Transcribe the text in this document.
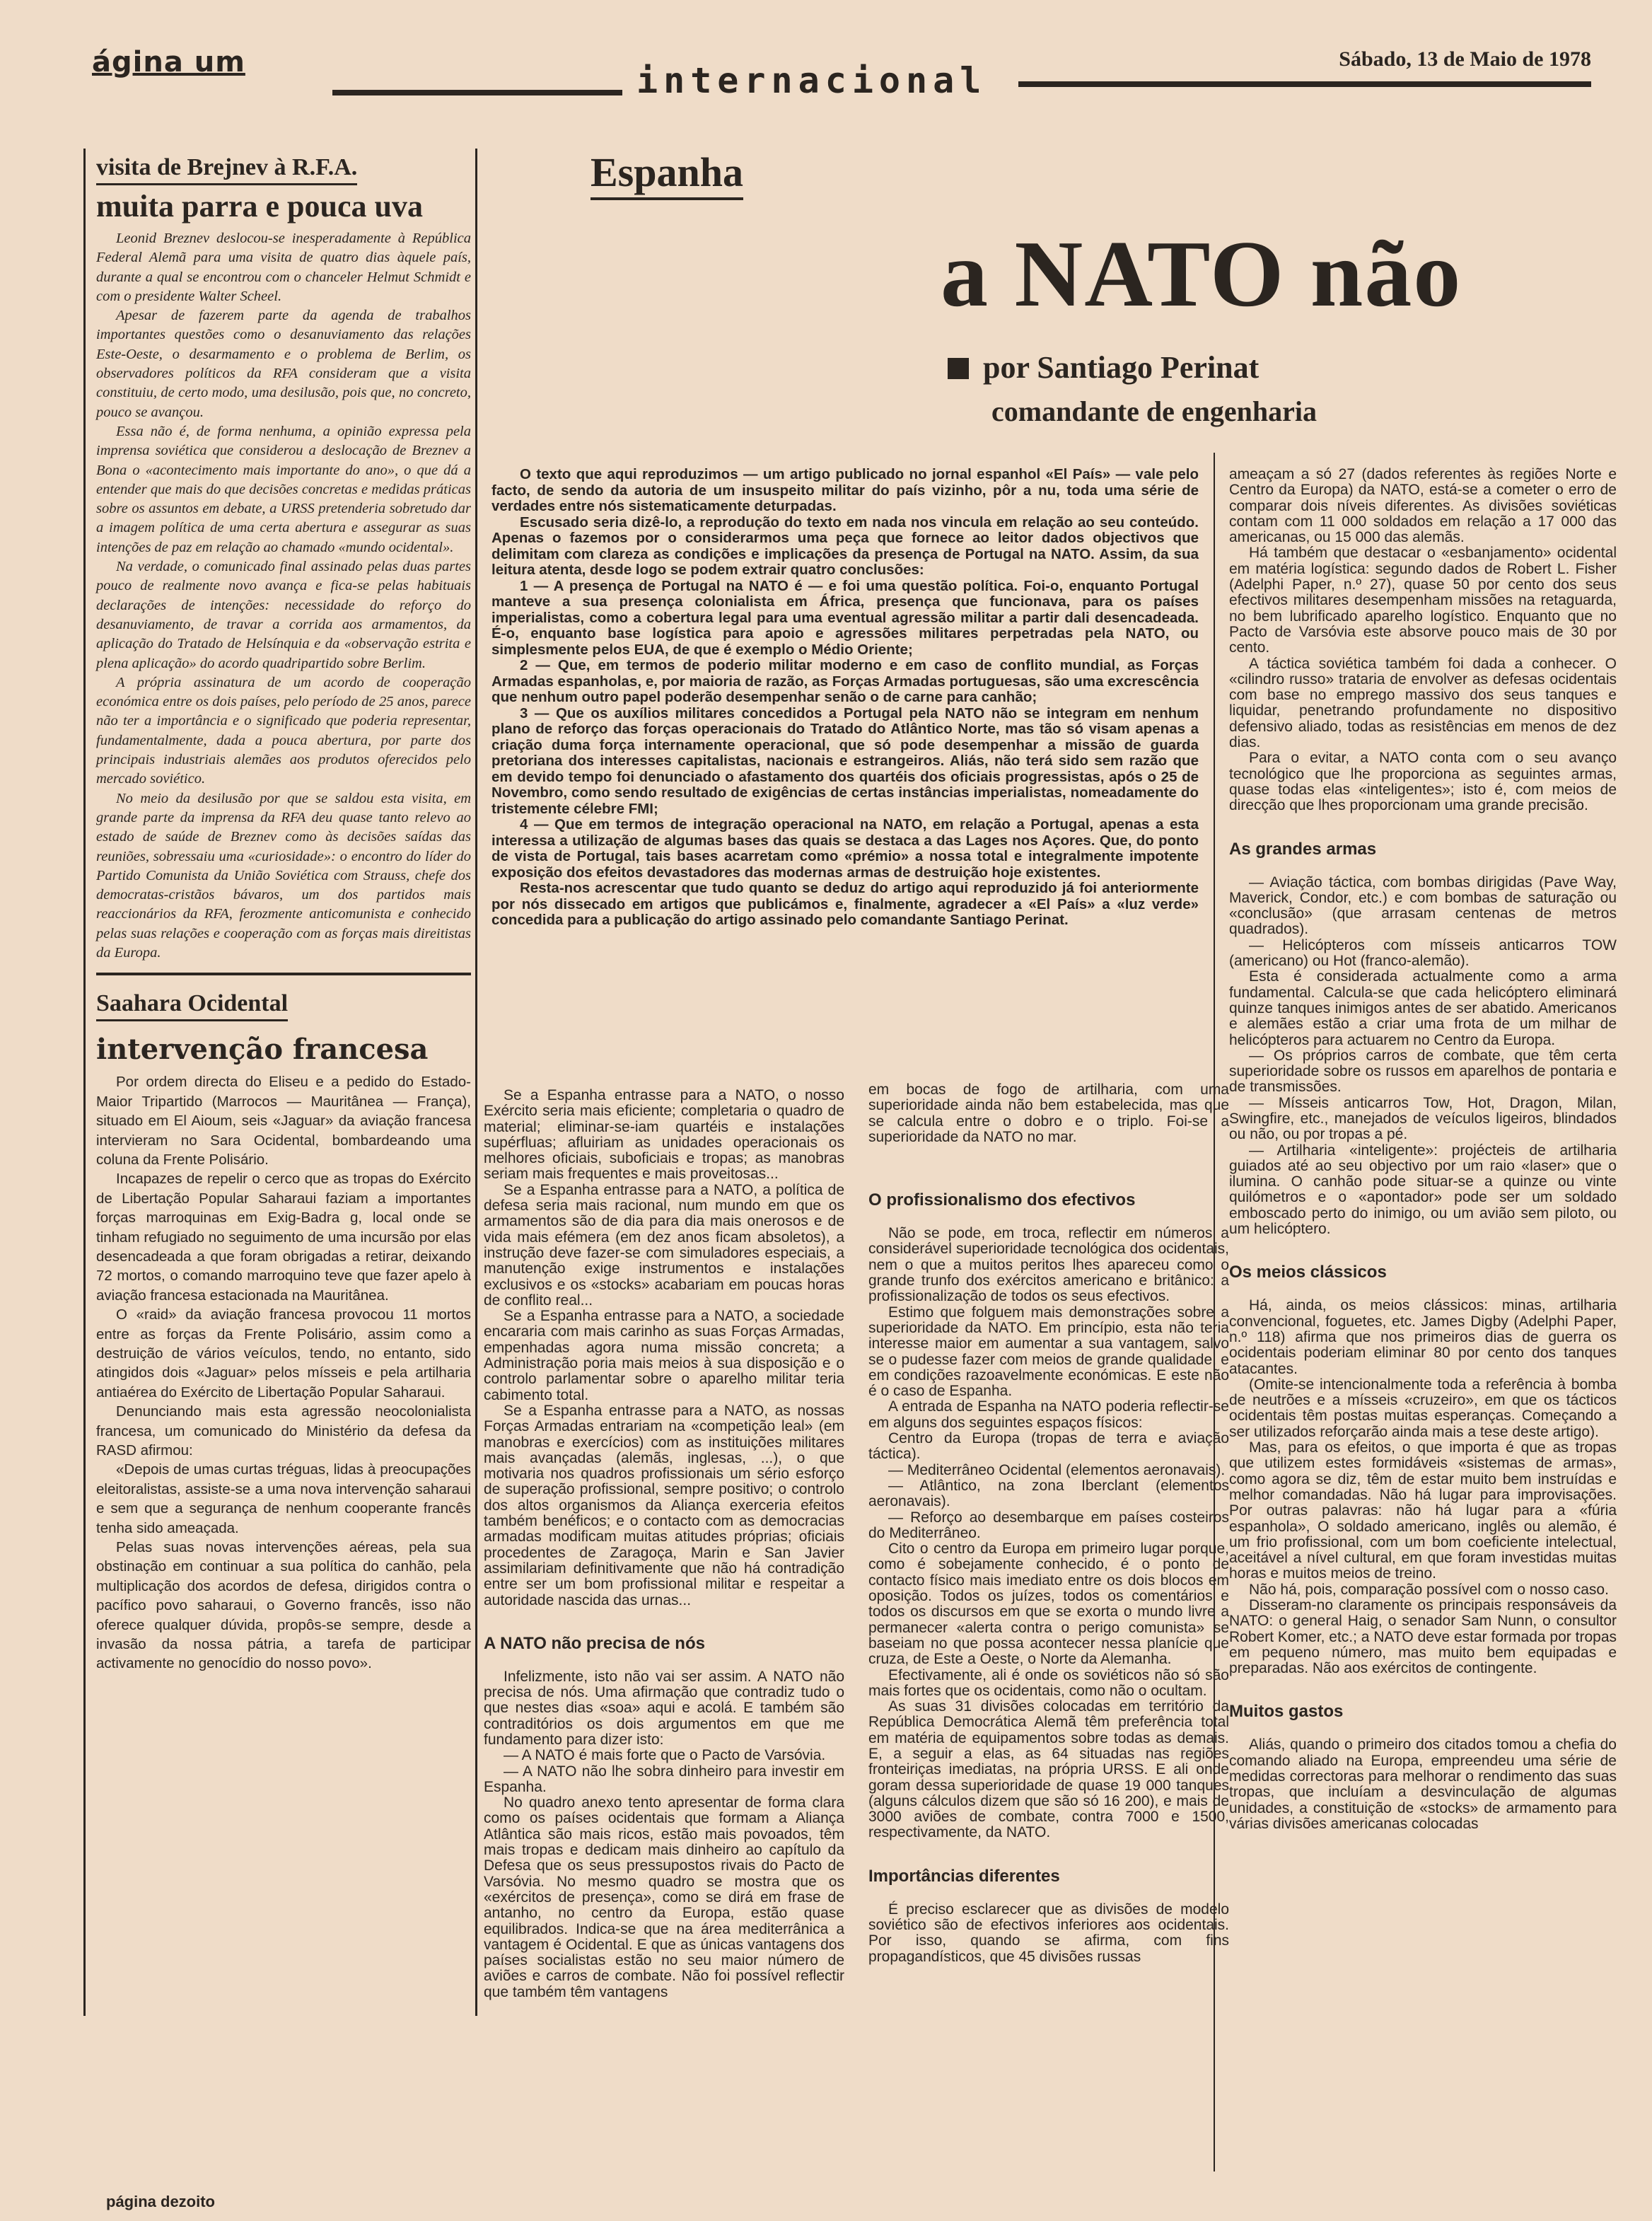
ágina um	internacional
Sábado, 13 de Maio de 1978
visita de Brejnev à R.F.A.
muita parra e pouca uva

Leonid Breznev deslocou-se inesperadamente à República Federal Alemã para uma visita de quatro dias àquele país, durante a qual se encontrou com o chanceler Helmut Schmidt e com o presidente Walter Scheel.

Apesar de fazerem parte da agenda de trabalhos importantes questões como o desanuviamento das relações Este-Oeste, o desarmamento e o problema de Berlim, os observadores políticos da RFA consideram que a visita constituiu, de certo modo, uma desilusão, pois que, no concreto, pouco se avançou.

Essa não é, de forma nenhuma, a opinião expressa pela imprensa soviética que considerou a deslocação de Breznev a Bona o «acontecimento mais importante do ano», o que dá a entender que mais do que decisões concretas e medidas práticas sobre os assuntos em debate, a URSS pretenderia sobretudo dar a imagem política de uma certa abertura e assegurar as suas intenções de paz em relação ao chamado «mundo ocidental».

Na verdade, o comunicado final assinado pelas duas partes pouco de realmente novo avança e fica-se pelas habituais declarações de intenções: necessidade do reforço do desanuviamento, de travar a corrida aos armamentos, da aplicação do Tratado de Helsínquia e da «observação estrita e plena aplicação» do acordo quadripartido sobre Berlim.

A própria assinatura de um acordo de cooperação económica entre os dois países, pelo período de 25 anos, parece não ter a importância e o significado que poderia representar, fundamentalmente, dada a pouca abertura, por parte dos principais industriais alemães aos produtos oferecidos pelo mercado soviético.

No meio da desilusão por que se saldou esta visita, em grande parte da imprensa da RFA deu quase tanto relevo ao estado de saúde de Breznev como às decisões saídas das reuniões, sobressaiu uma «curiosidade»: o encontro do líder do Partido Comunista da União Soviética com Strauss, chefe dos democratas-cristãos bávaros, um dos partidos mais reaccionários da RFA, ferozmente anticomunista e conhecido pelas suas relações e cooperação com as forças mais direitistas da Europa.

Saahara Ocidental
intervenção francesa

Por ordem directa do Eliseu e a pedido do Estado-Maior Tripartido (Marrocos — Mauritânea — França), situado em El Aioum, seis «Jaguar» da aviação francesa intervieram no Sara Ocidental, bombardeando uma coluna da Frente Polisário.

Incapazes de repelir o cerco que as tropas do Exército de Libertação Popular Saharaui faziam a importantes forças marroquinas em Exig-Badra g, local onde se tinham refugiado no seguimento de uma incursão por elas desencadeada a que foram obrigadas a retirar, deixando 72 mortos, o comando marroquino teve que fazer apelo à aviação francesa estacionada na Mauritânea.

O «raid» da aviação francesa provocou 11 mortos entre as forças da Frente Polisário, assim como a destruição de vários veículos, tendo, no entanto, sido atingidos dois «Jaguar» pelos mísseis e pela artilharia antiaérea do Exército de Libertação Popular Saharaui.

Denunciando mais esta agressão neocolonialista francesa, um comunicado do Ministério da defesa da RASD afirmou:

«Depois de umas curtas tréguas, lidas à preocupações eleitoralistas, assiste-se a uma nova intervenção saharaui e sem que a segurança de nenhum cooperante francês tenha sido ameaçada.

Pelas suas novas intervenções aéreas, pela sua obstinação em continuar a sua política do canhão, pela multiplicação dos acordos de defesa, dirigidos contra o pacífico povo saharaui, o Governo francês, isso não oferece qualquer dúvida, propôs-se sempre, desde a invasão da nossa pátria, a tarefa de participar activamente no genocídio do nosso povo».

Espanha
a NATO não
por Santiago Perinat
comandante de engenharia

O texto que aqui reproduzimos — um artigo publicado no jornal espanhol «El País» — vale pelo facto, de sendo da autoria de um insuspeito militar do país vizinho, pôr a nu, toda uma série de verdades entre nós sistematicamente deturpadas.

Escusado seria dizê-lo, a reprodução do texto em nada nos vincula em relação ao seu conteúdo. Apenas o fazemos por o considerarmos uma peça que fornece ao leitor dados objectivos que delimitam com clareza as condições e implicações da presença de Portugal na NATO. Assim, da sua leitura atenta, desde logo se podem extrair quatro conclusões:

1 — A presença de Portugal na NATO é — e foi uma questão política. Foi-o, enquanto Portugal manteve a sua presença colonialista em África, presença que funcionava, para os países imperialistas, como a cobertura legal para uma eventual agressão militar a partir dali desencadeada. É-o, enquanto base logística para apoio e agressões militares perpetradas pela NATO, ou simplesmente pelos EUA, de que é exemplo o Médio Oriente;

2 — Que, em termos de poderio militar moderno e em caso de conflito mundial, as Forças Armadas espanholas, e, por maioria de razão, as Forças Armadas portuguesas, são uma excrescência que nenhum outro papel poderão desempenhar senão o de carne para canhão;

3 — Que os auxílios militares concedidos a Portugal pela NATO não se integram em nenhum plano de reforço das forças operacionais do Tratado do Atlântico Norte, mas tão só visam apenas a criação duma força internamente operacional, que só pode desempenhar a missão de guarda pretoriana dos interesses capitalistas, nacionais e estrangeiros. Aliás, não terá sido sem razão que em devido tempo foi denunciado o afastamento dos quartéis dos oficiais progressistas, após o 25 de Novembro, como sendo resultado de exigências de certas instâncias imperialistas, nomeadamente do tristemente célebre FMI;

4 — Que em termos de integração operacional na NATO, em relação a Portugal, apenas a esta interessa a utilização de algumas bases das quais se destaca a das Lages nos Açores. Que, do ponto de vista de Portugal, tais bases acarretam como «prémio» a nossa total e integralmente impotente exposição dos efeitos devastadores das modernas armas de destruição hoje existentes.

Resta-nos acrescentar que tudo quanto se deduz do artigo aqui reproduzido já foi anteriormente por nós dissecado em artigos que publicámos e, finalmente, agradecer a «El País» a «luz verde» concedida para a publicação do artigo assinado pelo comandante Santiago Perinat.

Se a Espanha entrasse para a NATO, o nosso Exército seria mais eficiente; completaria o quadro de material; eliminar-se-iam quartéis e instalações supérfluas; afluiriam as unidades operacionais os melhores oficiais, suboficiais e tropas; as manobras seriam mais frequentes e mais proveitosas...

Se a Espanha entrasse para a NATO, a política de defesa seria mais racional, num mundo em que os armamentos são de dia para dia mais onerosos e de vida mais efémera (em dez anos ficam absoletos), a instrução deve fazer-se com simuladores especiais, a manutenção exige instrumentos e instalações exclusivos e os «stocks» acabariam em poucas horas de conflito real...

Se a Espanha entrasse para a NATO, a sociedade encararia com mais carinho as suas Forças Armadas, empenhadas agora numa missão concreta; a Administração poria mais meios à sua disposição e o controlo parlamentar sobre o aparelho militar teria cabimento total.

Se a Espanha entrasse para a NATO, as nossas Forças Armadas entrariam na «competição leal» (em manobras e exercícios) com as instituições militares mais avançadas (alemãs, inglesas, ...), o que motivaria nos quadros profissionais um sério esforço de superação profissional, sempre positivo; o controlo dos altos organismos da Aliança exerceria efeitos também benéficos; e o contacto com as democracias armadas modificam muitas atitudes próprias; oficiais procedentes de Zaragoça, Marin e San Javier assimilariam definitivamente que não há contradição entre ser um bom profissional militar e respeitar a autoridade nascida das urnas...

A NATO não precisa de nós

Infelizmente, isto não vai ser assim. A NATO não precisa de nós. Uma afirmação que contradiz tudo o que nestes dias «soa» aqui e acolá. E também são contraditórios os dois argumentos em que me fundamento para dizer isto:

— A NATO é mais forte que o Pacto de Varsóvia.

— A NATO não lhe sobra dinheiro para investir em Espanha.

No quadro anexo tento apresentar de forma clara como os países ocidentais que formam a Aliança Atlântica são mais ricos, estão mais povoados, têm mais tropas e dedicam mais dinheiro ao capítulo da Defesa que os seus pressupostos rivais do Pacto de Varsóvia. No mesmo quadro se mostra que os «exércitos de presença», como se dirá em frase de antanho, no centro da Europa, estão quase equilibrados. Indica-se que na área mediterrânica a vantagem é Ocidental. E que as únicas vantagens dos países socialistas estão no seu maior número de aviões e carros de combate. Não foi possível reflectir que também têm vantagens

em bocas de fogo de artilharia, com uma superioridade ainda não bem estabelecida, mas que se calcula entre o dobro e o triplo. Foi-se a superioridade da NATO no mar.

O profissionalismo dos efectivos

Não se pode, em troca, reflectir em números a considerável superioridade tecnológica dos ocidentais, nem o que a muitos peritos lhes apareceu como o grande trunfo dos exércitos americano e britânico: a profissionalização de todos os seus efectivos.

Estimo que folguem mais demonstrações sobre a superioridade da NATO. Em princípio, esta não teria interesse maior em aumentar a sua vantagem, salvo se o pudesse fazer com meios de grande qualidade, e em condições razoavelmente económicas. E este não é o caso de Espanha.

A entrada de Espanha na NATO poderia reflectir-se em alguns dos seguintes espaços físicos:

Centro da Europa (tropas de terra e aviação táctica).

— Mediterrâneo Ocidental (elementos aeronavais).

— Atlântico, na zona Iberclant (elementos aeronavais).

— Reforço ao desembarque em países costeiros do Mediterrâneo.

Cito o centro da Europa em primeiro lugar porque, como é sobejamente conhecido, é o ponto de contacto físico mais imediato entre os dois blocos em oposição. Todos os juízes, todos os comentários e todos os discursos em que se exorta o mundo livre a permanecer «alerta contra o perigo comunista» se baseiam no que possa acontecer nessa planície que cruza, de Este a Oeste, o Norte da Alemanha.

Efectivamente, ali é onde os soviéticos não só são mais fortes que os ocidentais, como não o ocultam.

As suas 31 divisões colocadas em território da República Democrática Alemã têm preferência total em matéria de equipamentos sobre todas as demais. E, a seguir a elas, as 64 situadas nas regiões fronteiriças imediatas, na própria URSS. E ali onde goram dessa superioridade de quase 19 000 tanques (alguns cálculos dizem que são só 16 200), e mais de 3000 aviões de combate, contra 7000 e 1500, respectivamente, da NATO.

Importâncias diferentes

É preciso esclarecer que as divisões de modelo soviético são de efectivos inferiores aos ocidentais. Por isso, quando se afirma, com fins propagandísticos, que 45 divisões russas

ameaçam a só 27 (dados referentes às regiões Norte e Centro da Europa) da NATO, está-se a cometer o erro de comparar dois níveis diferentes. As divisões soviéticas contam com 11 000 soldados em relação a 17 000 das americanas, ou 15 000 das alemãs.

Há também que destacar o «esbanjamento» ocidental em matéria logística: segundo dados de Robert L. Fisher (Adelphi Paper, n.º 27), quase 50 por cento dos seus efectivos militares desempenham missões na retaguarda, no bem lubrificado aparelho logístico. Enquanto que no Pacto de Varsóvia este absorve pouco mais de 30 por cento.

A táctica soviética também foi dada a conhecer. O «cilindro russo» trataria de envolver as defesas ocidentais com base no emprego massivo dos seus tanques e liquidar, penetrando profundamente no dispositivo defensivo aliado, todas as resistências em menos de dez dias.

Para o evitar, a NATO conta com o seu avanço tecnológico que lhe proporciona as seguintes armas, quase todas elas «inteligentes»; isto é, com meios de direcção que lhes proporcionam uma grande precisão.

As grandes armas

— Aviação táctica, com bombas dirigidas (Pave Way, Maverick, Condor, etc.) e com bombas de saturação ou «conclusão» (que arrasam centenas de metros quadrados).

— Helicópteros com mísseis anticarros TOW (americano) ou Hot (franco-alemão).

Esta é considerada actualmente como a arma fundamental. Calcula-se que cada helicóptero eliminará quinze tanques inimigos antes de ser abatido. Americanos e alemães estão a criar uma frota de um milhar de helicópteros para actuarem no Centro da Europa.

— Os próprios carros de combate, que têm certa superioridade sobre os russos em aparelhos de pontaria e de transmissões.

— Mísseis anticarros Tow, Hot, Dragon, Milan, Swingfire, etc., manejados de veículos ligeiros, blindados ou não, ou por tropas a pé.

— Artilharia «inteligente»: projécteis de artilharia guiados até ao seu objectivo por um raio «laser» que o ilumina. O canhão pode situar-se a quinze ou vinte quilómetros e o «apontador» pode ser um soldado emboscado perto do inimigo, ou um avião sem piloto, ou um helicóptero.

Os meios clássicos

Há, ainda, os meios clássicos: minas, artilharia convencional, foguetes, etc. James Digby (Adelphi Paper, n.º 118) afirma que nos primeiros dias de guerra os ocidentais poderiam eliminar 80 por cento dos tanques atacantes.

(Omite-se intencionalmente toda a referência à bomba de neutrões e a mísseis «cruzeiro», em que os tácticos ocidentais têm postas muitas esperanças. Começando a ser utilizados reforçarão ainda mais a tese deste artigo).

Mas, para os efeitos, o que importa é que as tropas que utilizem estes formidáveis «sistemas de armas», como agora se diz, têm de estar muito bem instruídas e melhor comandadas. Não há lugar para improvisações. Por outras palavras: não há lugar para a «fúria espanhola», O soldado americano, inglês ou alemão, é um frio profissional, com um bom coeficiente intelectual, aceitável a nível cultural, em que foram investidas muitas horas e muitos meios de treino.

Não há, pois, comparação possível com o nosso caso.

Disseram-no claramente os principais responsáveis da NATO: o general Haig, o senador Sam Nunn, o consultor Robert Komer, etc.; a NATO deve estar formada por tropas em pequeno número, mas muito bem equipadas e preparadas. Não aos exércitos de contingente.

Muitos gastos

Aliás, quando o primeiro dos citados tomou a chefia do comando aliado na Europa, empreendeu uma série de medidas correctoras para melhorar o rendimento das suas tropas, que incluíam a desvinculação de algumas unidades, a constituição de «stocks» de armamento para várias divisões americanas colocadas

página dezoito
